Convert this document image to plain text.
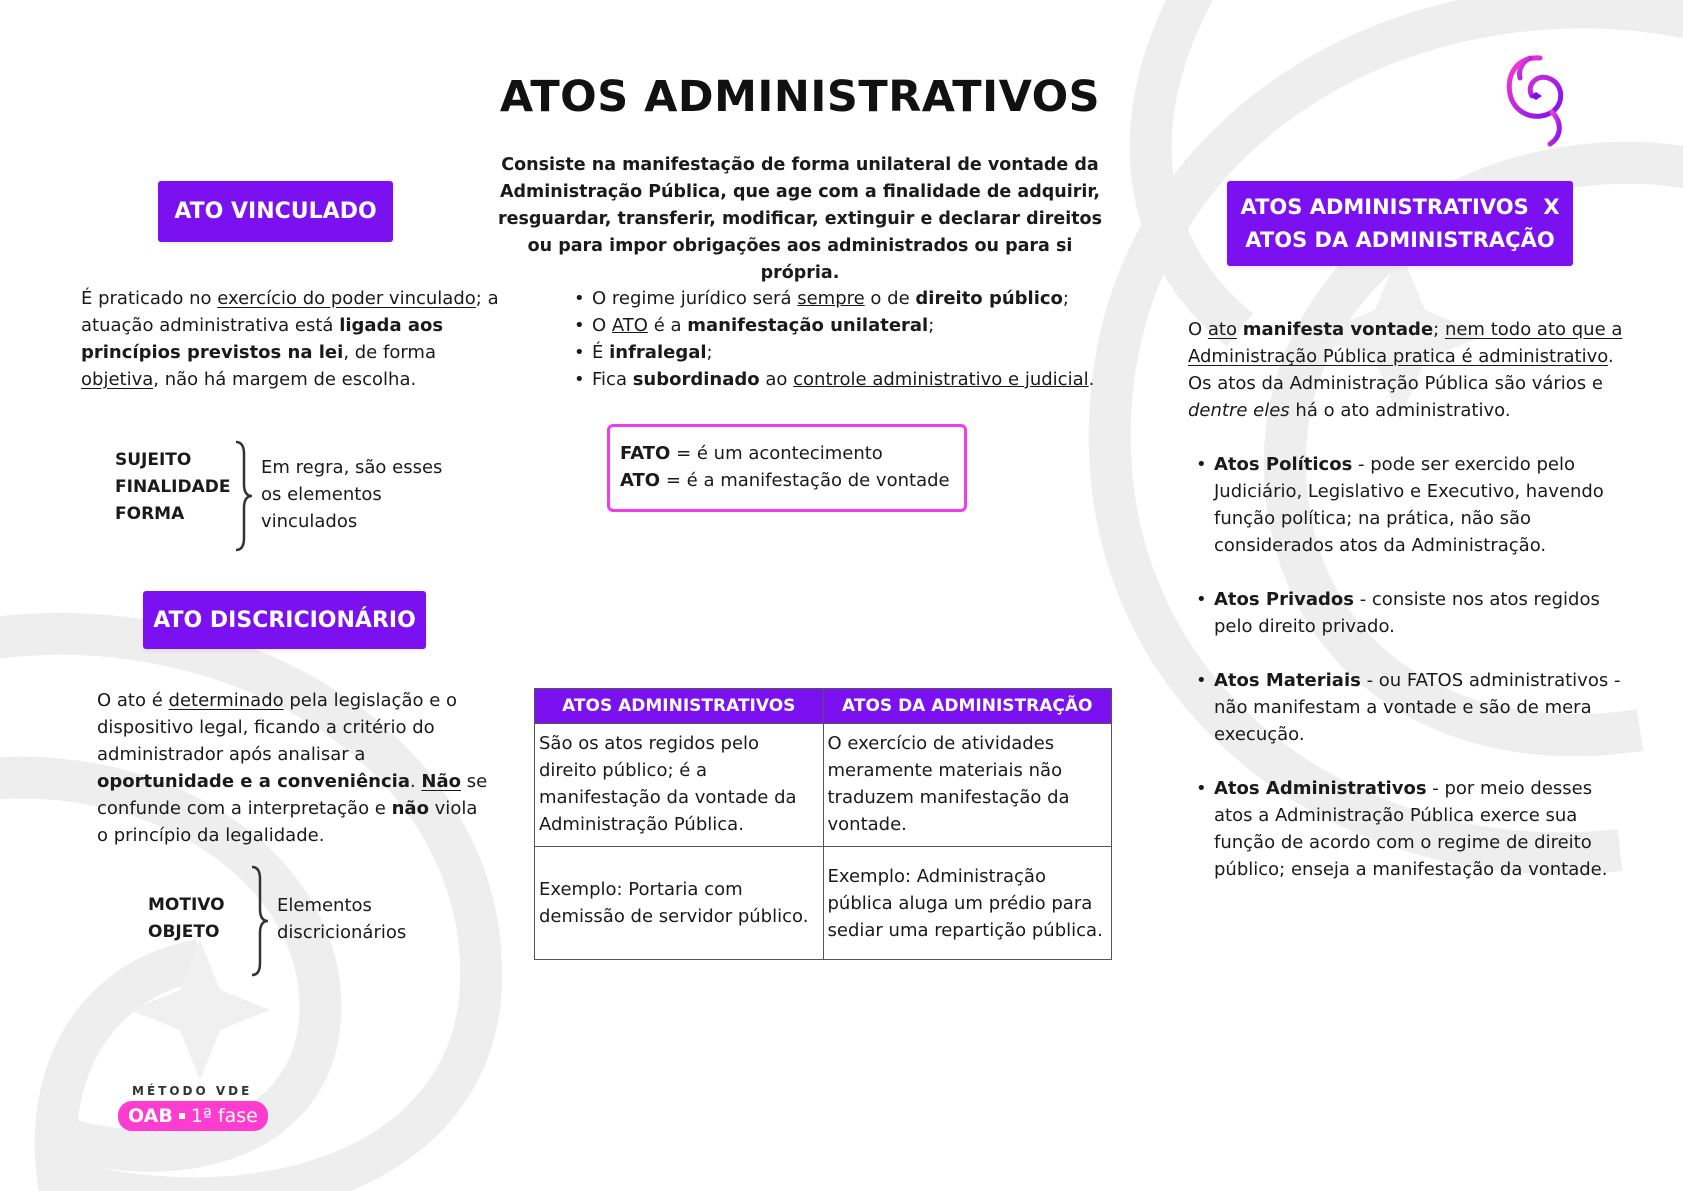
ATOS ADMINISTRATIVOS
Consiste na manifestação de forma unilateral de vontade da Administração Pública, que age com a finalidade de adquirir, resguardar, transferir, modificar, extinguir e declarar direitos ou para impor obrigações aos administrados ou para si própria.
ATO VINCULADO
É praticado no exercício do poder vinculado; a atuação administrativa está ligada aos princípios previstos na lei, de forma objetiva, não há margem de escolha.
SUJEITO
FINALIDADE
FORMA
Em regra, são esses os elementos vinculados
ATO DISCRICIONÁRIO
O ato é determinado pela legislação e o dispositivo legal, ficando a critério do administrador após analisar a oportunidade e a conveniência. Não se confunde com a interpretação e não viola o princípio da legalidade.
MOTIVO
OBJETO
Elementos discricionários
• O regime jurídico será sempre o de direito público;
• O ATO é a manifestação unilateral;
• É infralegal;
• Fica subordinado ao controle administrativo e judicial.
FATO = é um acontecimento
ATO = é a manifestação de vontade
ATOS ADMINISTRATIVOS	ATOS DA ADMINISTRAÇÃO
São os atos regidos pelo direito público; é a manifestação da vontade da Administração Pública.	O exercício de atividades meramente materiais não traduzem manifestação da vontade.
Exemplo: Portaria com demissão de servidor público.	Exemplo: Administração pública aluga um prédio para sediar uma repartição pública.
ATOS ADMINISTRATIVOS  X
ATOS DA ADMINISTRAÇÃO
O ato manifesta vontade; nem todo ato que a Administração Pública pratica é administrativo. Os atos da Administração Pública são vários e dentre eles há o ato administrativo.
• Atos Políticos - pode ser exercido pelo Judiciário, Legislativo e Executivo, havendo função política; na prática, não são considerados atos da Administração.
• Atos Privados - consiste nos atos regidos pelo direito privado.
• Atos Materiais - ou FATOS administrativos - não manifestam a vontade e são de mera execução.
• Atos Administrativos - por meio desses atos a Administração Pública exerce sua função de acordo com o regime de direito público; enseja a manifestação da vontade.
MÉTODO VDE
OAB 1ª fase
